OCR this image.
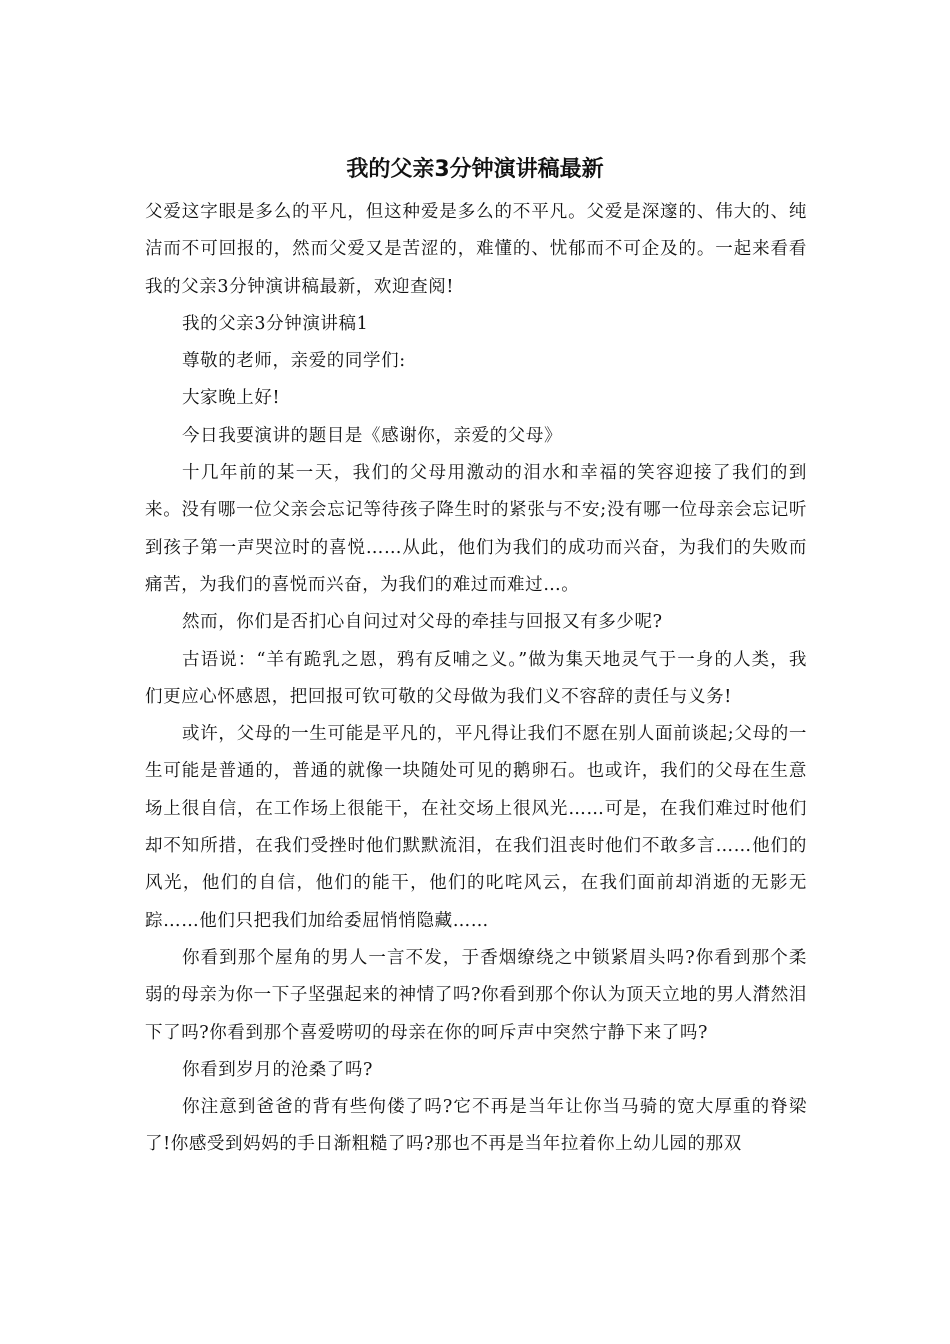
我的父亲3分钟演讲稿最新

父爱这字眼是多么的平凡，但这种爱是多么的不平凡。父爱是深邃的、伟大的、纯洁而不可回报的，然而父爱又是苦涩的，难懂的、忧郁而不可企及的。一起来看看我的父亲3分钟演讲稿最新，欢迎查阅!

我的父亲3分钟演讲稿1

尊敬的老师，亲爱的同学们:

大家晚上好!

今日我要演讲的题目是《感谢你，亲爱的父母》

十几年前的某一天，我们的父母用激动的泪水和幸福的笑容迎接了我们的到来。没有哪一位父亲会忘记等待孩子降生时的紧张与不安;没有哪一位母亲会忘记听到孩子第一声哭泣时的喜悦……从此，他们为我们的成功而兴奋，为我们的失败而痛苦，为我们的喜悦而兴奋，为我们的难过而难过…。

然而，你们是否扪心自问过对父母的牵挂与回报又有多少呢?

古语说：“羊有跪乳之恩，鸦有反哺之义。”做为集天地灵气于一身的人类，我们更应心怀感恩，把回报可钦可敬的父母做为我们义不容辞的责任与义务!

或许，父母的一生可能是平凡的，平凡得让我们不愿在别人面前谈起;父母的一生可能是普通的，普通的就像一块随处可见的鹅卵石。也或许，我们的父母在生意场上很自信，在工作场上很能干，在社交场上很风光……可是，在我们难过时他们却不知所措，在我们受挫时他们默默流泪，在我们沮丧时他们不敢多言……他们的风光，他们的自信，他们的能干，他们的叱咤风云，在我们面前却消逝的无影无踪……他们只把我们加给委屈悄悄隐藏……

你看到那个屋角的男人一言不发，于香烟缭绕之中锁紧眉头吗?你看到那个柔弱的母亲为你一下子坚强起来的神情了吗?你看到那个你认为顶天立地的男人潸然泪下了吗?你看到那个喜爱唠叨的母亲在你的呵斥声中突然宁静下来了吗?

你看到岁月的沧桑了吗?

你注意到爸爸的背有些佝偻了吗?它不再是当年让你当马骑的宽大厚重的脊梁了!你感受到妈妈的手日渐粗糙了吗?那也不再是当年拉着你上幼儿园的那双
